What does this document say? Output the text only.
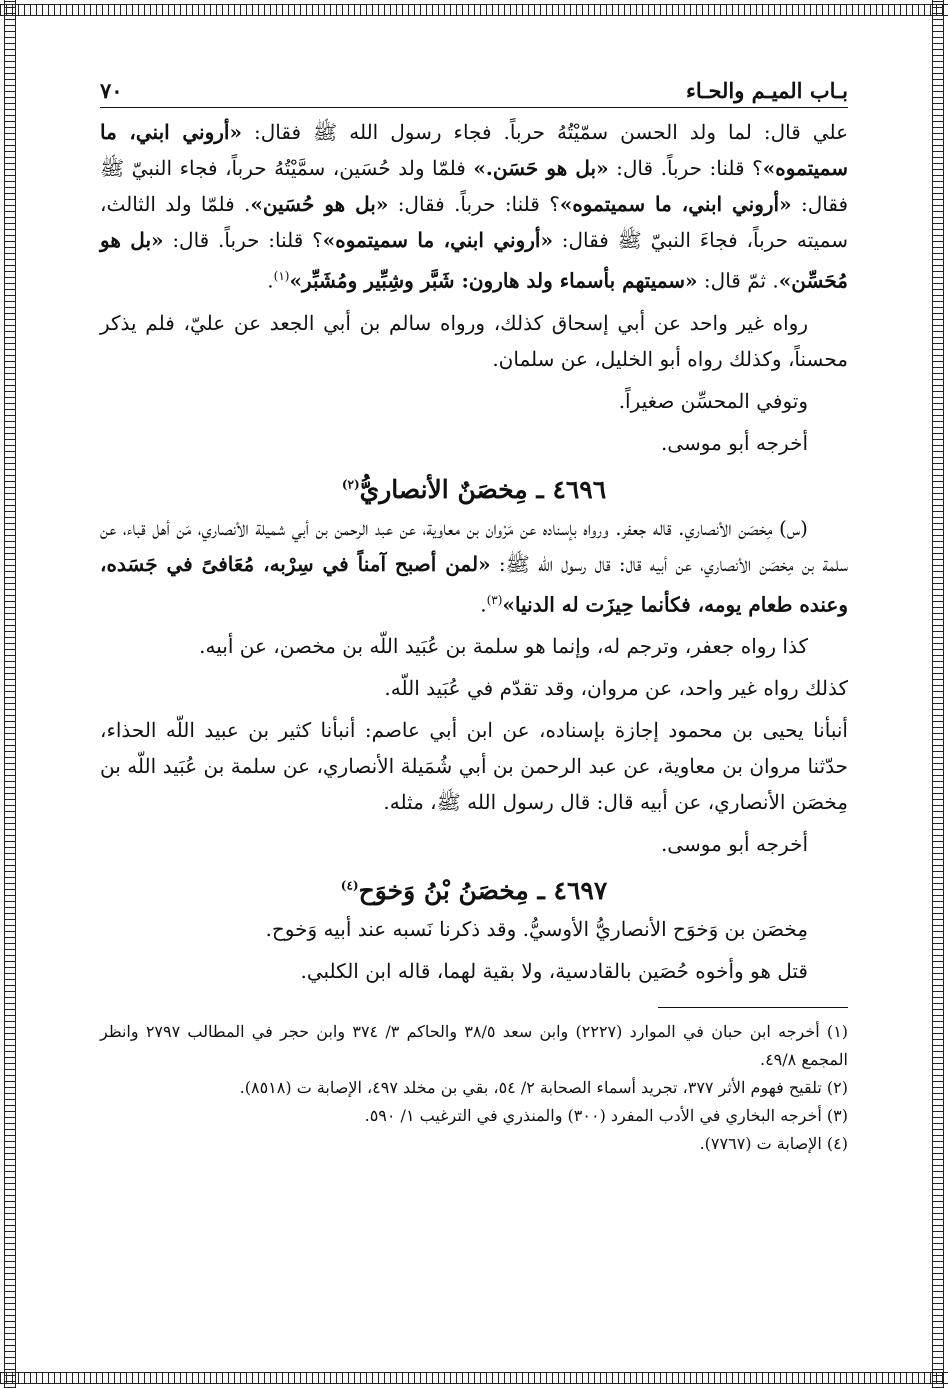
بـاب الميـم والحـاء
٧٠

علي قال: لما ولد الحسن سمّيْتُهُ حرباً. فجاء رسول الله ﷺ فقال: «أروني ابني، ما سميتموه»؟ قلنا: حرباً. قال: «بل هو حَسَن.» فلمّا ولد حُسَين، سمَّيْتُهُ حرباً، فجاء النبيّ ﷺ فقال: «أروني ابني، ما سميتموه»؟ قلنا: حرباً. فقال: «بل هو حُسَين». فلمّا ولد الثالث، سميته حرباً، فجاءَ النبيّ ﷺ فقال: «أروني ابني، ما سميتموه»؟ قلنا: حرباً. قال: «بل هو مُحَسِّن». ثمّ قال: «سميتهم بأسماء ولد هارون: شَبَّر وشِبِّير ومُشَبِّر»$^{(١)}$.

رواه غير واحد عن أبي إسحاق كذلك، ورواه سالم بن أبي الجعد عن عليّ، فلم يذكر محسناً، وكذلك رواه أبو الخليل، عن سلمان.

وتوفي المحسِّن صغيراً.

أخرجه أبو موسى.

٤٦٩٦ ـ مِخصَنٌ الأنصاريُّ$^{(٢)}$

(س) مِخصَن الأنصاري. قاله جعفر. ورواه بإسناده عن مَرْوان بن معاوية، عن عبد الرحمن بن أبي شميلة الأنصاري، مَن أهل قباء، عن سلمة بن مِخصَن الأنصاري، عن أبيه قال: قال رسول الله ﷺ: «لمن أصبح آمناً في سِرْبه، مُعَافىً في جَسَده، وعنده طعام يومه، فكأنما حِيزَت له الدنيا»$^{(٣)}$.

كذا رواه جعفر، وترجم له، وإنما هو سلمة بن عُبَيد اللّه بن مخصن، عن أبيه.

كذلك رواه غير واحد، عن مروان، وقد تقدّم في عُبَيد اللّه.

أنبأنا يحيى بن محمود إجازة بإسناده، عن ابن أبي عاصم: أنبأنا كثير بن عبيد اللّه الحذاء، حدّثنا مروان بن معاوية، عن عبد الرحمن بن أبي شُمَيلة الأنصاري، عن سلمة بن عُبَيد اللّه بن مِخصَن الأنصاري، عن أبيه قال: قال رسول الله ﷺ، مثله.

أخرجه أبو موسى.

٤٦٩٧ ـ مِخصَنُ بْنُ وَخوَح$^{(٤)}$

مِخصَن بن وَخوَح الأنصاريُّ الأوسيُّ. وقد ذكرنا نَسبه عند أبيه وَخوح.

قتل هو وأخوه حُصَين بالقادسية، ولا بقية لهما، قاله ابن الكلبي.

(١) أخرجه ابن حبان في الموارد (٢٢٢٧) وابن سعد ٣٨/٥ والحاكم ٣/ ٣٧٤ وابن حجر في المطالب ٢٧٩٧ وانظر المجمع ٤٩/٨.

(٢) تلقيح فهوم الأثر ٣٧٧، تجريد أسماء الصحابة ٢/ ٥٤، بقي بن مخلد ٤٩٧، الإصابة ت (٨٥١٨).

(٣) أخرجه البخاري في الأدب المفرد (٣٠٠) والمنذري في الترغيب ١/ ٥٩٠.

(٤) الإصابة ت (٧٧٦٧).
